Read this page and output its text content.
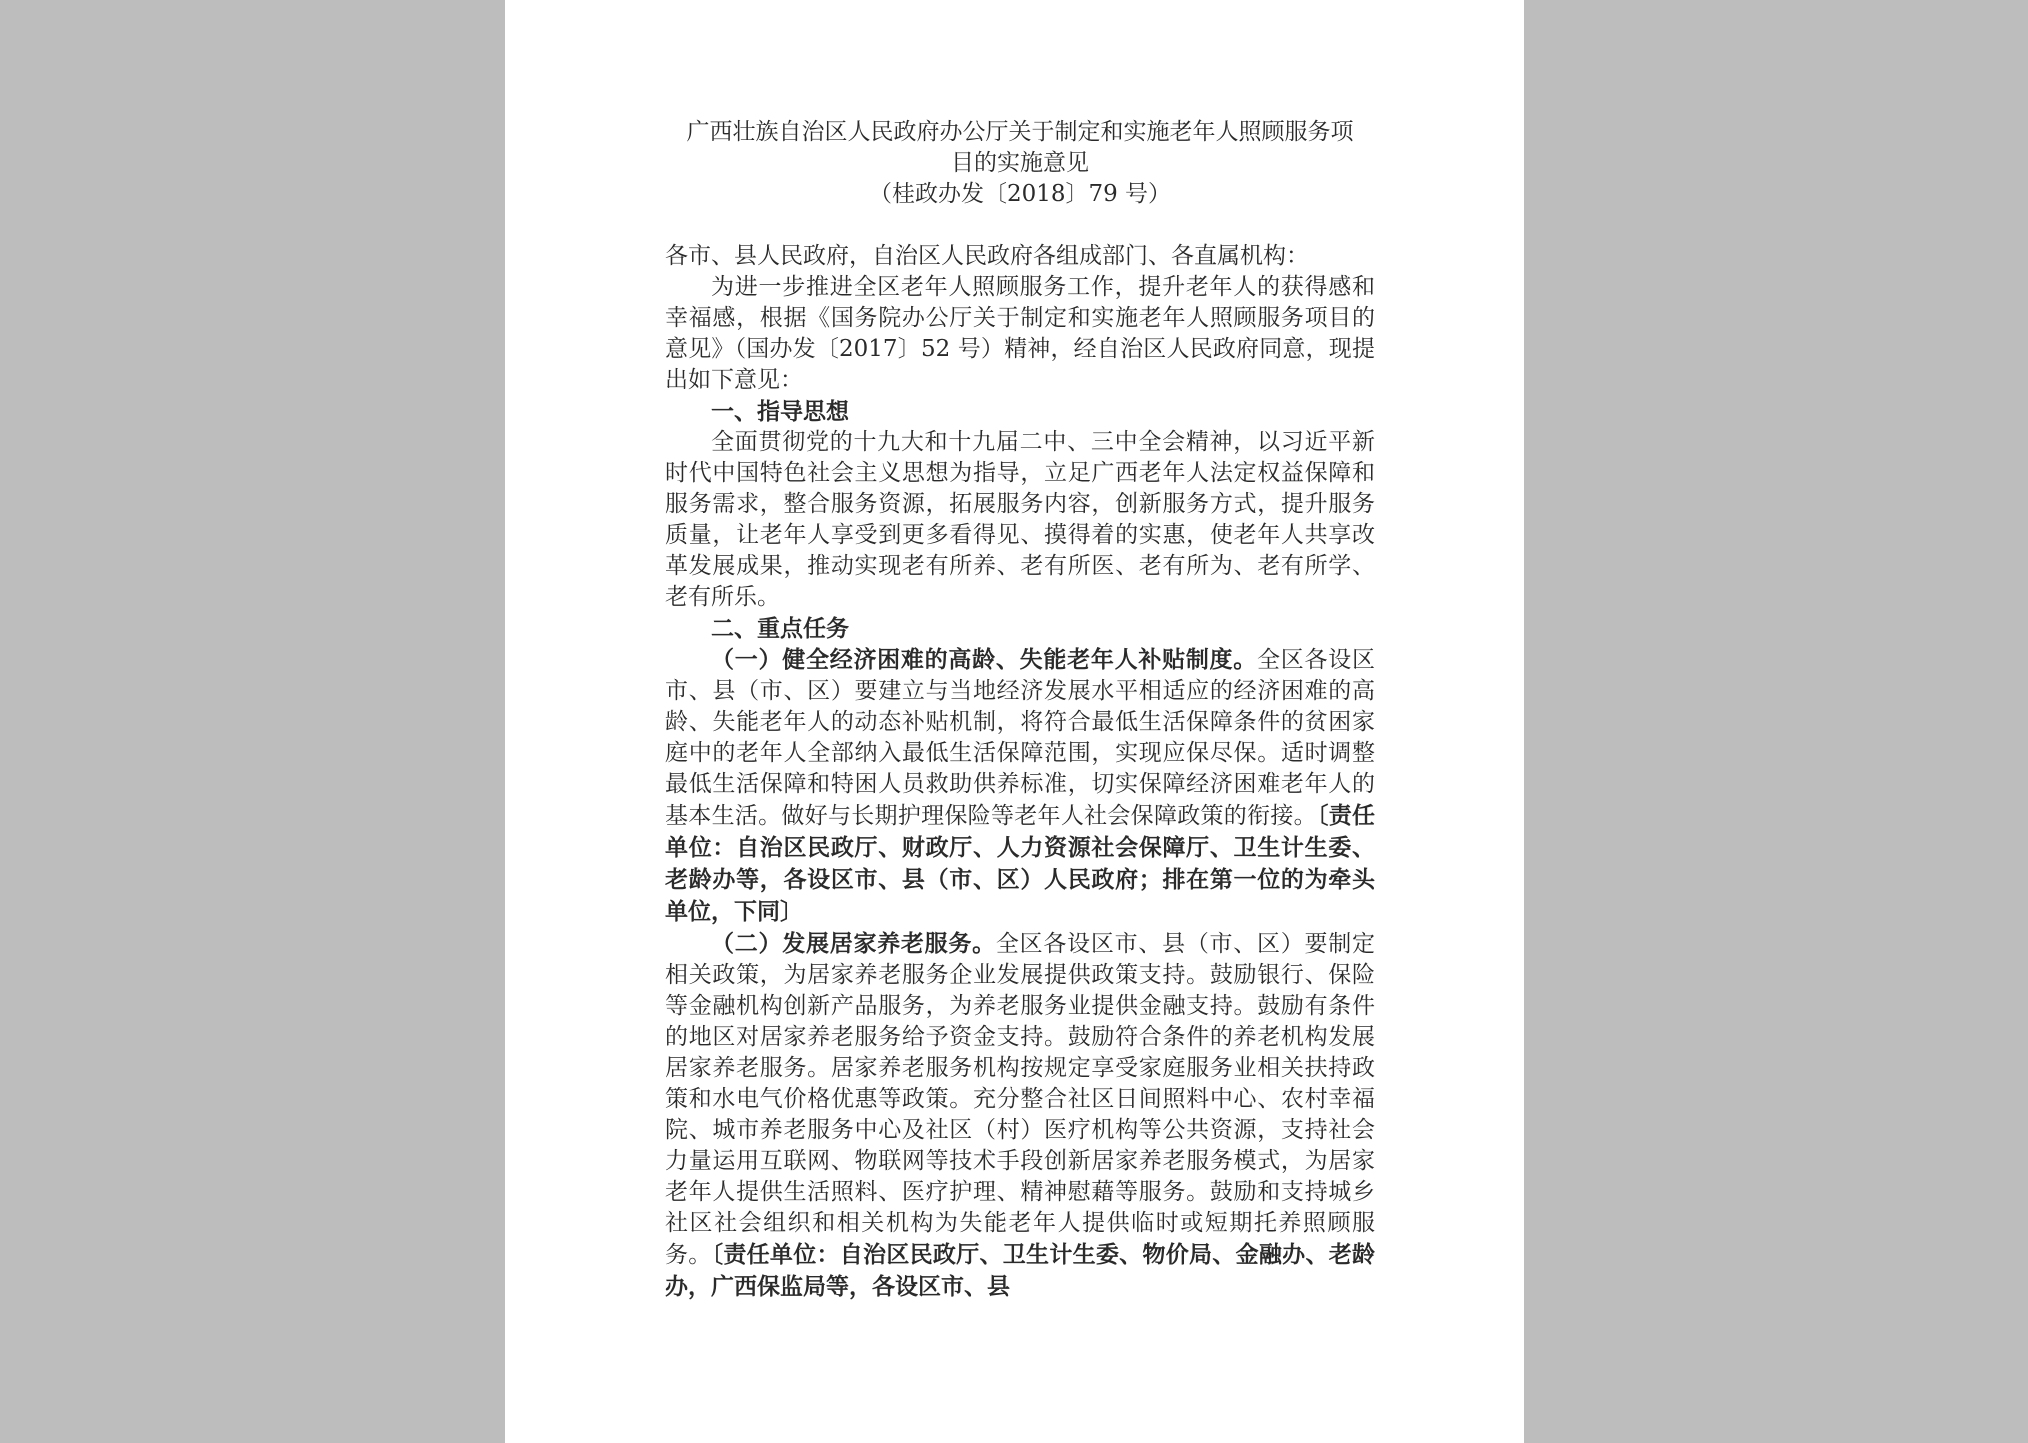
广西壮族自治区人民政府办公厅关于制定和实施老年人照顾服务项
目的实施意见

（桂政办发〔2018〕79 号）

各市、县人民政府，自治区人民政府各组成部门、各直属机构：

为进一步推进全区老年人照顾服务工作，提升老年人的获得感和幸福感，根据《国务院办公厅关于制定和实施老年人照顾服务项目的意见》（国办发〔2017〕52 号）精神，经自治区人民政府同意，现提出如下意见：

一、指导思想

全面贯彻党的十九大和十九届二中、三中全会精神，以习近平新时代中国特色社会主义思想为指导，立足广西老年人法定权益保障和服务需求，整合服务资源，拓展服务内容，创新服务方式，提升服务质量，让老年人享受到更多看得见、摸得着的实惠，使老年人共享改革发展成果，推动实现老有所养、老有所医、老有所为、老有所学、老有所乐。

二、重点任务

（一）健全经济困难的高龄、失能老年人补贴制度。全区各设区市、县（市、区）要建立与当地经济发展水平相适应的经济困难的高龄、失能老年人的动态补贴机制，将符合最低生活保障条件的贫困家庭中的老年人全部纳入最低生活保障范围，实现应保尽保。适时调整最低生活保障和特困人员救助供养标准，切实保障经济困难老年人的基本生活。做好与长期护理保险等老年人社会保障政策的衔接。〔责任单位：自治区民政厅、财政厅、人力资源社会保障厅、卫生计生委、老龄办等，各设区市、县（市、区）人民政府；排在第一位的为牵头单位，下同〕

（二）发展居家养老服务。全区各设区市、县（市、区）要制定相关政策，为居家养老服务企业发展提供政策支持。鼓励银行、保险等金融机构创新产品服务，为养老服务业提供金融支持。鼓励有条件的地区对居家养老服务给予资金支持。鼓励符合条件的养老机构发展居家养老服务。居家养老服务机构按规定享受家庭服务业相关扶持政策和水电气价格优惠等政策。充分整合社区日间照料中心、农村幸福院、城市养老服务中心及社区（村）医疗机构等公共资源，支持社会力量运用互联网、物联网等技术手段创新居家养老服务模式，为居家老年人提供生活照料、医疗护理、精神慰藉等服务。鼓励和支持城乡社区社会组织和相关机构为失能老年人提供临时或短期托养照顾服务。〔责任单位：自治区民政厅、卫生计生委、物价局、金融办、老龄办，广西保监局等，各设区市、县
